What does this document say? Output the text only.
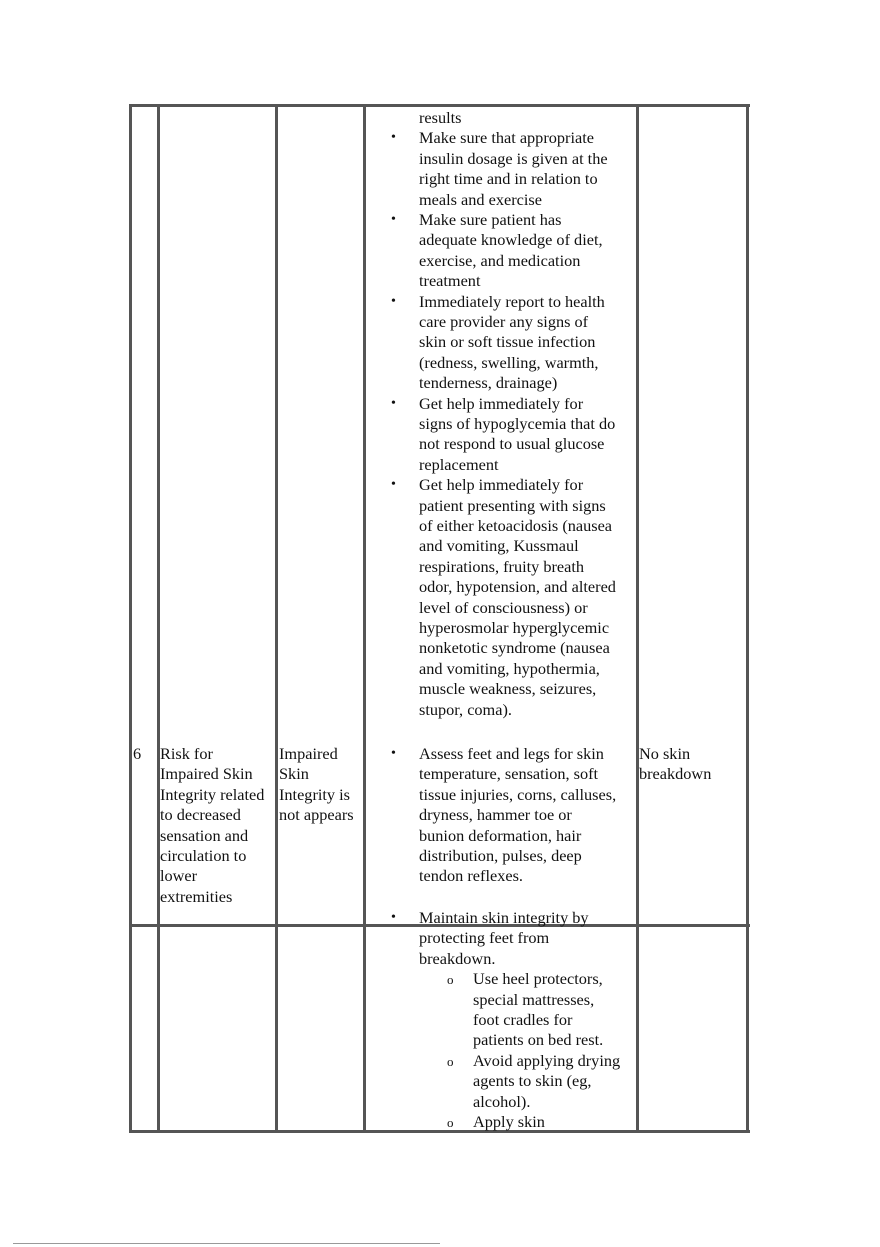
results
• Make sure that appropriate
insulin dosage is given at the
right time and in relation to
meals and exercise
• Make sure patient has
adequate knowledge of diet,
exercise, and medication
treatment
• Immediately report to health
care provider any signs of
skin or soft tissue infection
(redness, swelling, warmth,
tenderness, drainage)
• Get help immediately for
signs of hypoglycemia that do
not respond to usual glucose
replacement
• Get help immediately for
patient presenting with signs
of either ketoacidosis (nausea
and vomiting, Kussmaul
respirations, fruity breath
odor, hypotension, and altered
level of consciousness) or
hyperosmolar hyperglycemic
nonketotic syndrome (nausea
and vomiting, hypothermia,
muscle weakness, seizures,
stupor, coma).
6 Risk for
Impaired Skin
Integrity related
to decreased
sensation and
circulation to
lower
extremities
Impaired
Skin
Integrity is
not appears
No skin
breakdown
• Assess feet and legs for skin
temperature, sensation, soft
tissue injuries, corns, calluses,
dryness, hammer toe or
bunion deformation, hair
distribution, pulses, deep
tendon reflexes.
• Maintain skin integrity by
protecting feet from
breakdown.
o Use heel protectors,
special mattresses,
foot cradles for
patients on bed rest.
o Avoid applying drying
agents to skin (eg,
alcohol).
o Apply skin
